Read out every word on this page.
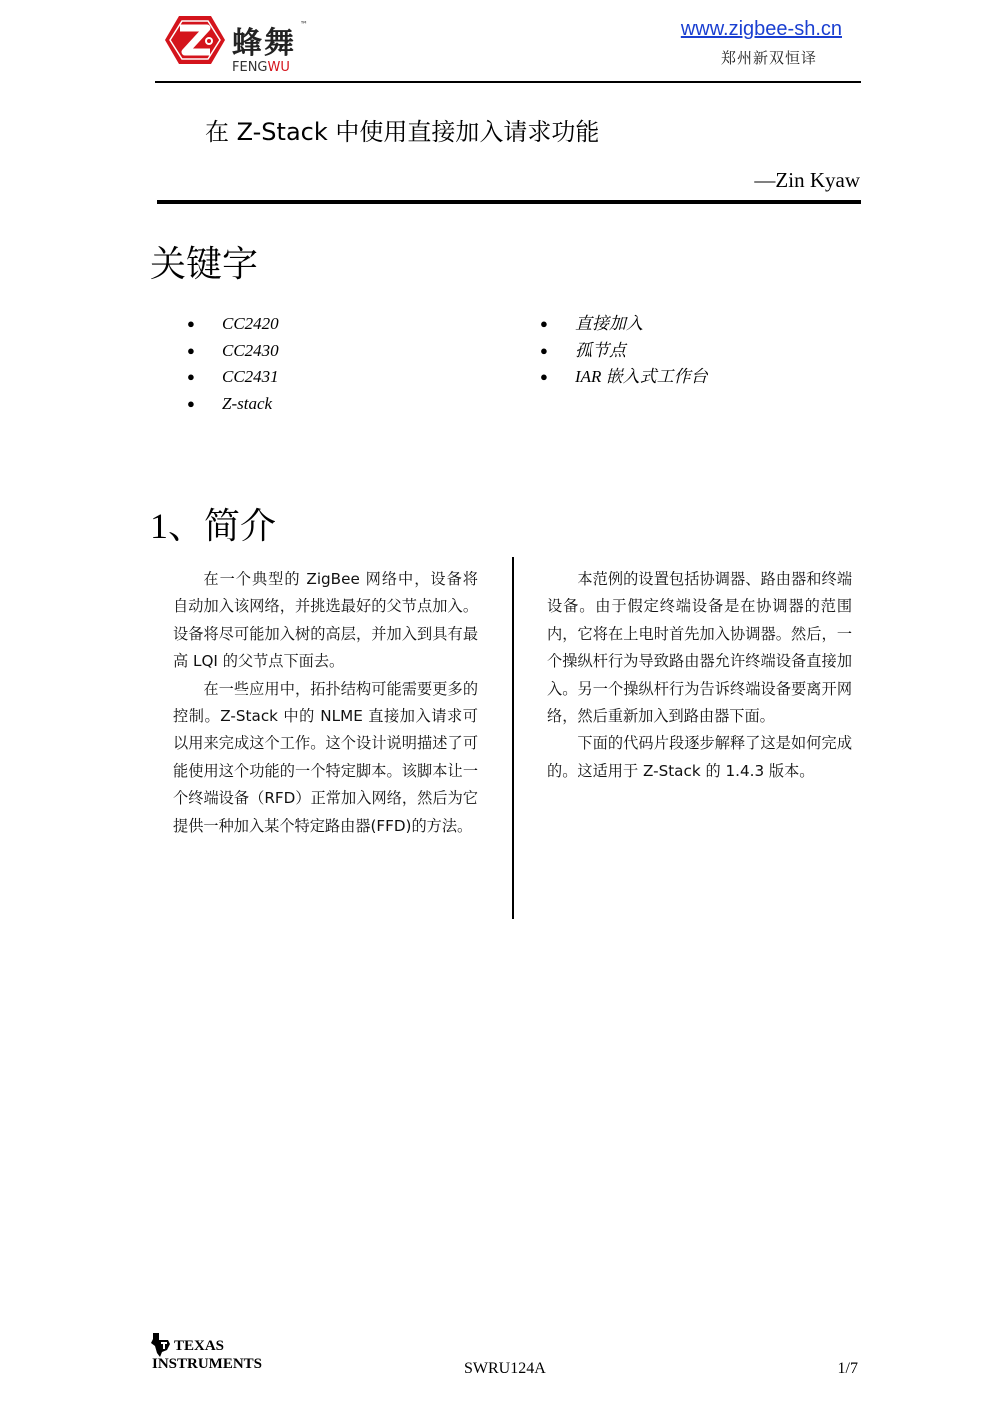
蜂舞
™
FENGWU
www.zigbee-sh.cn
郑州新双恒译
在 Z-Stack 中使用直接加入请求功能
—Zin Kyaw
关键字
● CC2420
● CC2430
● CC2431
● Z-stack
● 直接加入
● 孤节点
● IAR 嵌入式工作台
1、简介

在一个典型的 ZigBee 网络中，设备将自动加入该网络，并挑选最好的父节点加入。设备将尽可能加入树的高层，并加入到具有最高 LQI 的父节点下面去。

在一些应用中，拓扑结构可能需要更多的控制。Z-Stack 中的 NLME 直接加入请求可以用来完成这个工作。这个设计说明描述了可能使用这个功能的一个特定脚本。该脚本让一个终端设备（RFD）正常加入网络，然后为它提供一种加入某个特定路由器(FFD)的方法。

本范例的设置包括协调器、路由器和终端设备。由于假定终端设备是在协调器的范围内，它将在上电时首先加入协调器。然后，一个操纵杆行为导致路由器允许终端设备直接加入。另一个操纵杆行为告诉终端设备要离开网络，然后重新加入到路由器下面。

下面的代码片段逐步解释了这是如何完成的。这适用于 Z-Stack 的 1.4.3 版本。

TEXAS
INSTRUMENTS	SWRU124A	1/7
